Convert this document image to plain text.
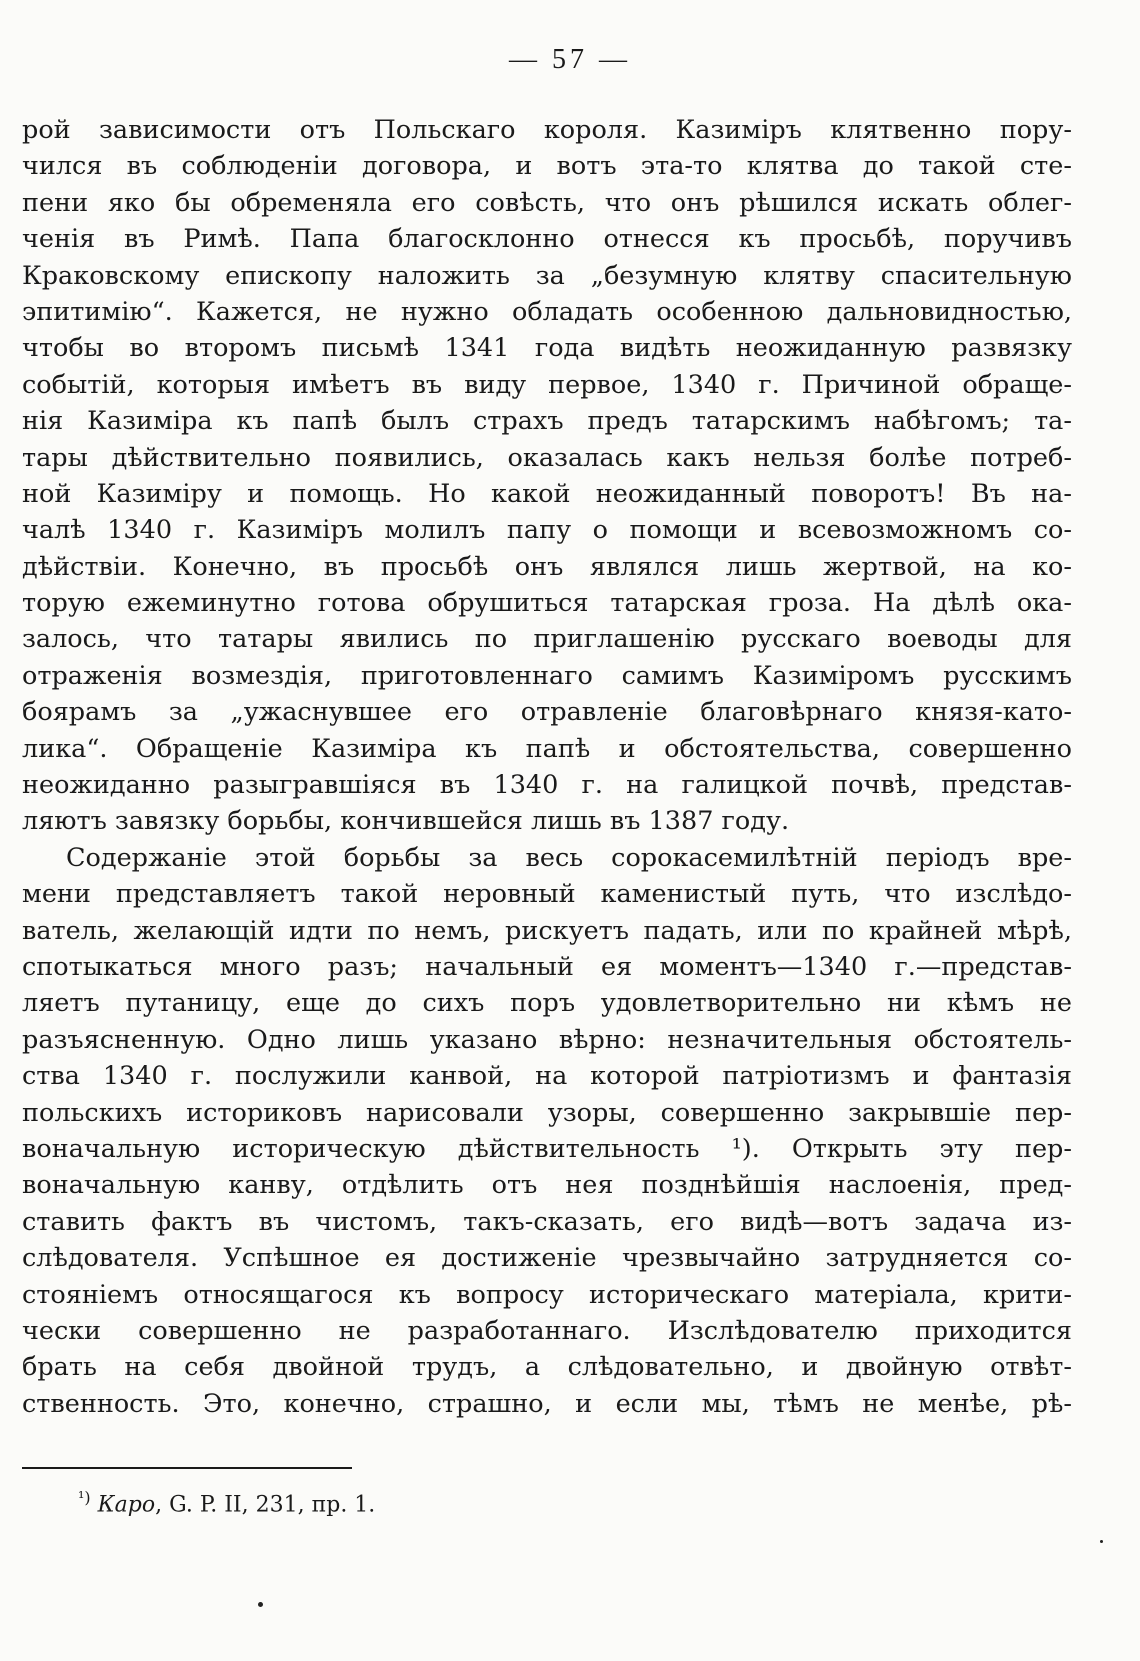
— 57 —
рой зависимости отъ Польскаго короля. Казиміръ клятвенно пору-
чился въ соблюденіи договора, и вотъ эта-то клятва до такой сте-
пени яко бы обременяла его совѣсть, что онъ рѣшился искать облег-
ченія въ Римѣ. Папа благосклонно отнесся къ просьбѣ, поручивъ
Краковскому епископу наложить за „безумную клятву спасительную
эпитимію“. Кажется, не нужно обладать особенною дальновидностью,
чтобы во второмъ письмѣ 1341 года видѣть неожиданную развязку
событій, которыя имѣетъ въ виду первое, 1340 г. Причиной обраще-
нія Казиміра къ папѣ былъ страхъ предъ татарскимъ набѣгомъ; та-
тары дѣйствительно появились, оказалась какъ нельзя болѣе потреб-
ной Казиміру и помощь. Но какой неожиданный поворотъ! Въ на-
чалѣ 1340 г. Казиміръ молилъ папу о помощи и всевозможномъ со-
дѣйствіи. Конечно, въ просьбѣ онъ являлся лишь жертвой, на ко-
торую ежеминутно готова обрушиться татарская гроза. На дѣлѣ ока-
залось, что татары явились по приглашенію русскаго воеводы для
отраженія возмездія, приготовленнаго самимъ Казиміромъ русскимъ
боярамъ за „ужаснувшее его отравленіе благовѣрнаго князя-като-
лика“. Обращеніе Казиміра къ папѣ и обстоятельства, совершенно
неожиданно разыгравшіяся въ 1340 г. на галицкой почвѣ, представ-
ляютъ завязку борьбы, кончившейся лишь въ 1387 году.
Содержаніе этой борьбы за весь сорокасемилѣтній періодъ вре-
мени представляетъ такой неровный каменистый путь, что изслѣдо-
ватель, желающій идти по немъ, рискуетъ падать, или по крайней мѣрѣ,
спотыкаться много разъ; начальный ея моментъ—1340 г.—представ-
ляетъ путаницу, еще до сихъ поръ удовлетворительно ни кѣмъ не
разъясненную. Одно лишь указано вѣрно: незначительныя обстоятель-
ства 1340 г. послужили канвой, на которой патріотизмъ и фантазія
польскихъ историковъ нарисовали узоры, совершенно закрывшіе пер-
воначальную историческую дѣйствительность ¹). Открыть эту пер-
воначальную канву, отдѣлить отъ нея позднѣйшія наслоенія, пред-
ставить фактъ въ чистомъ, такъ-сказать, его видѣ—вотъ задача из-
слѣдователя. Успѣшное ея достиженіе чрезвычайно затрудняется со-
стояніемъ относящагося къ вопросу историческаго матеріала, крити-
чески совершенно не разработаннаго. Изслѣдователю приходится
брать на себя двойной трудъ, а слѣдовательно, и двойную отвѣт-
ственность. Это, конечно, страшно, и если мы, тѣмъ не менѣе, рѣ-
$^{^1)}$ Каро, G. P. II, 231, пр. 1.
